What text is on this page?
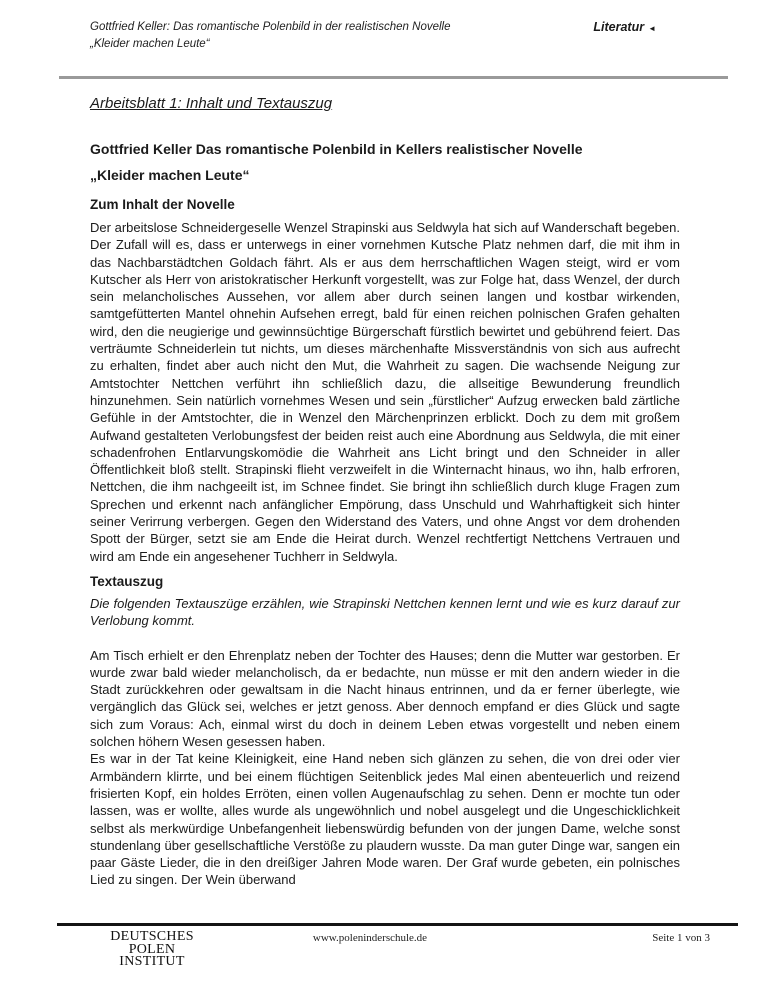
Gottfried Keller: Das romantische Polenbild in der realistischen Novelle
„Kleider machen Leute“
Literatur ◄
Arbeitsblatt 1: Inhalt und Textauszug
Gottfried Keller Das romantische Polenbild in Kellers realistischer Novelle
„Kleider machen Leute“
Zum Inhalt der Novelle
Der arbeitslose Schneidergeselle Wenzel Strapinski aus Seldwyla hat sich auf Wanderschaft begeben. Der Zufall will es, dass er unterwegs in einer vornehmen Kutsche Platz nehmen darf, die mit ihm in das Nachbarstädtchen Goldach fährt. Als er aus dem herrschaftlichen Wagen steigt, wird er vom Kutscher als Herr von aristokratischer Herkunft vorgestellt, was zur Folge hat, dass Wenzel, der durch sein melancholisches Aussehen, vor allem aber durch seinen langen und kostbar wirkenden, samtgefütterten Mantel ohnehin Aufsehen erregt, bald für einen reichen polnischen Grafen gehalten wird, den die neugierige und gewinnsüchtige Bürgerschaft fürstlich bewirtet und gebührend feiert. Das verträumte Schneiderlein tut nichts, um dieses märchenhafte Missverständnis von sich aus aufrecht zu erhalten, findet aber auch nicht den Mut, die Wahrheit zu sagen. Die wachsende Neigung zur Amtstochter Nettchen verführt ihn schließlich dazu, die allseitige Bewunderung freundlich hinzunehmen. Sein natürlich vornehmes Wesen und sein „fürstlicher“ Aufzug erwecken bald zärtliche Gefühle in der Amtstochter, die in Wenzel den Märchenprinzen erblickt. Doch zu dem mit großem Aufwand gestalteten Verlobungsfest der beiden reist auch eine Abordnung aus Seldwyla, die mit einer schadenfrohen Entlarvungskomödie die Wahrheit ans Licht bringt und den Schneider in aller Öffentlichkeit bloß stellt. Strapinski flieht verzweifelt in die Winternacht hinaus, wo ihn, halb erfroren, Nettchen, die ihm nachgeeilt ist, im Schnee findet. Sie bringt ihn schließlich durch kluge Fragen zum Sprechen und erkennt nach anfänglicher Empörung, dass Unschuld und Wahrhaftigkeit sich hinter seiner Verirrung verbergen. Gegen den Widerstand des Vaters, und ohne Angst vor dem drohenden Spott der Bürger, setzt sie am Ende die Heirat durch. Wenzel rechtfertigt Nettchens Vertrauen und wird am Ende ein angesehener Tuchherr in Seldwyla.
Textauszug
Die folgenden Textauszüge erzählen, wie Strapinski Nettchen kennen lernt und wie es kurz darauf zur Verlobung kommt.

Am Tisch erhielt er den Ehrenplatz neben der Tochter des Hauses; denn die Mutter war gestorben. Er wurde zwar bald wieder melancholisch, da er bedachte, nun müsse er mit den andern wieder in die Stadt zurückkehren oder gewaltsam in die Nacht hinaus entrinnen, und da er ferner überlegte, wie vergänglich das Glück sei, welches er jetzt genoss. Aber dennoch empfand er dies Glück und sagte sich zum Voraus: Ach, einmal wirst du doch in deinem Leben etwas vorgestellt und neben einem solchen höhern Wesen gesessen haben.

Es war in der Tat keine Kleinigkeit, eine Hand neben sich glänzen zu sehen, die von drei oder vier Armbändern klirrte, und bei einem flüchtigen Seitenblick jedes Mal einen abenteuerlich und reizend frisierten Kopf, ein holdes Erröten, einen vollen Augenaufschlag zu sehen. Denn er mochte tun oder lassen, was er wollte, alles wurde als ungewöhnlich und nobel ausgelegt und die Ungeschicklichkeit selbst als merkwürdige Unbefangenheit liebenswürdig befunden von der jungen Dame, welche sonst stundenlang über gesellschaftliche Verstöße zu plaudern wusste. Da man guter Dinge war, sangen ein paar Gäste Lieder, die in den dreißiger Jahren Mode waren. Der Graf wurde gebeten, ein polnisches Lied zu singen. Der Wein überwand

DEUTSCHES
POLEN
INSTITUT
www.poleninderschule.de	Seite 1 von 3
